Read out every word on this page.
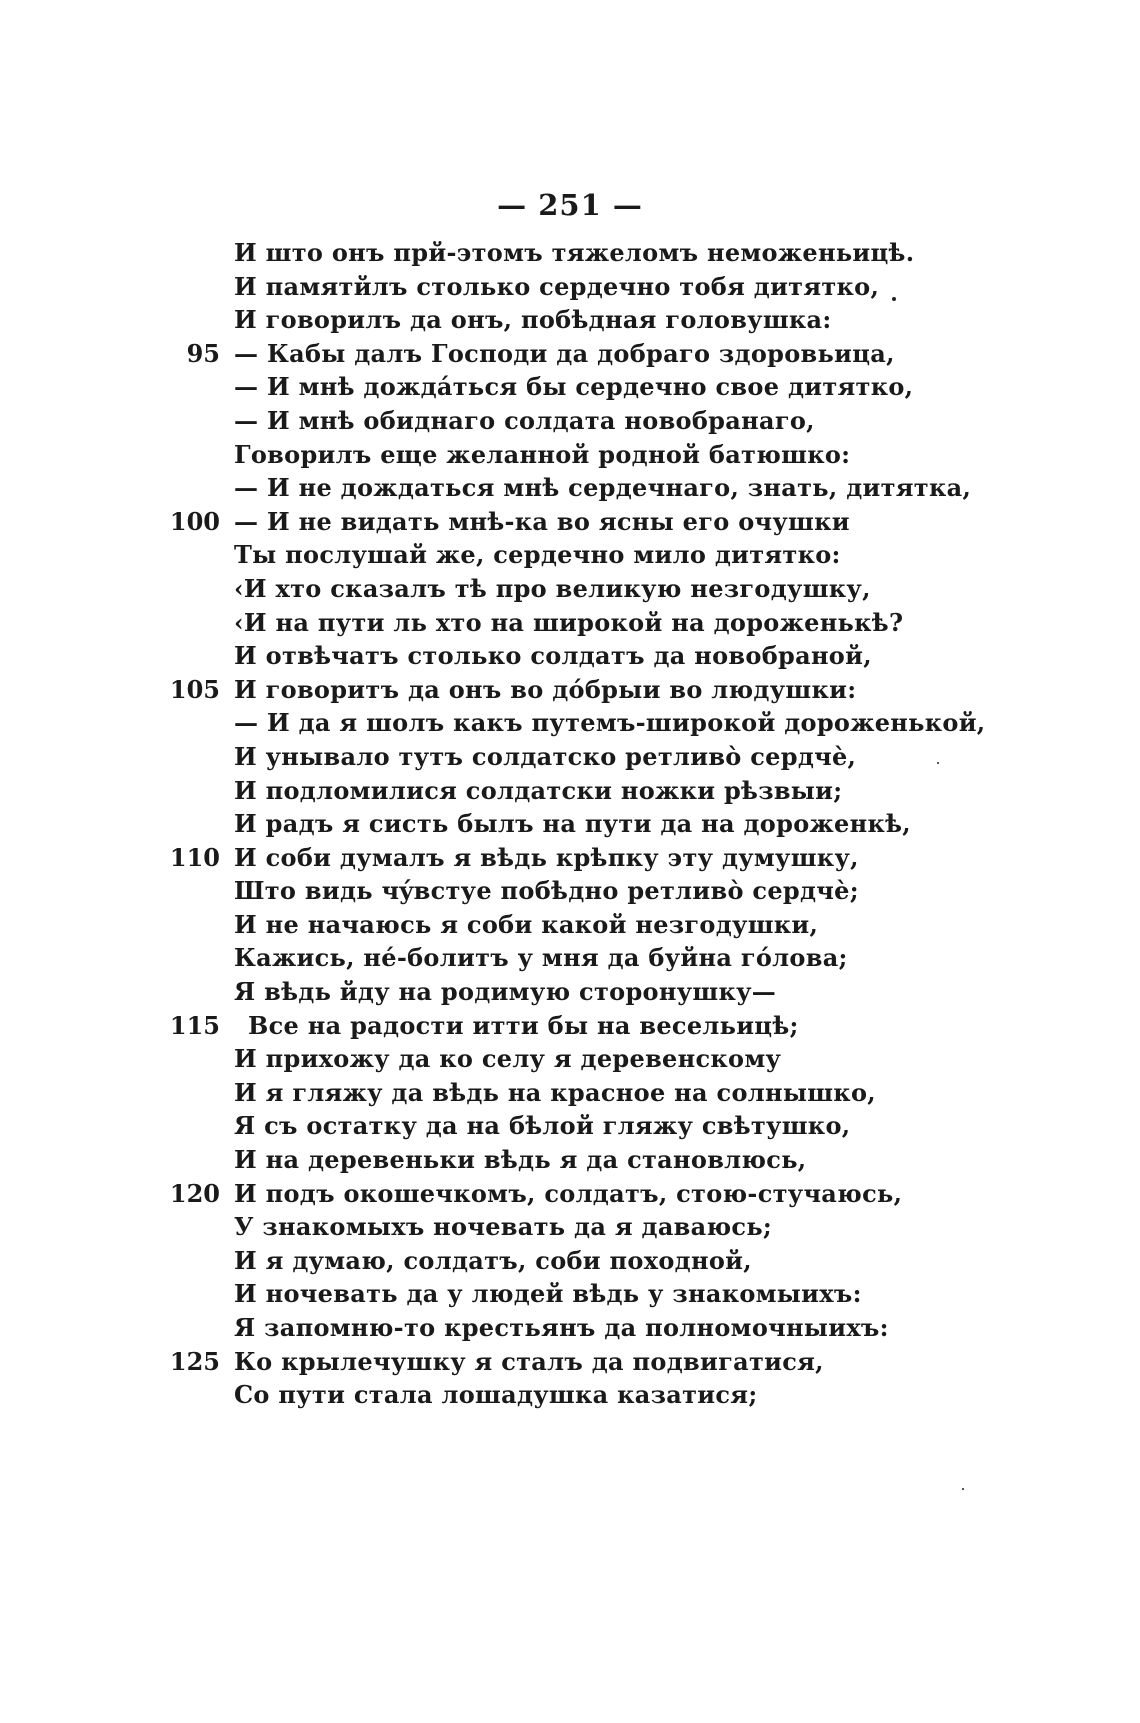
— 251 —
И што онъ прй-этомъ тяжеломъ неможеньицѣ.
И памятйлъ столько сердечно тобя дитятко,
И говорилъ да онъ, побѣдная головушка:
95 — Кабы далъ Господи да добраго здоровьица,
— И мнѣ дождáться бы сердечно свое дитятко,
— И мнѣ обиднаго солдата новобранаго,
Говорилъ еще желанной родной батюшко:
— И не дождаться мнѣ сердечнаго, знать, дитятка,
100 — И не видать мнѣ-ка во ясны его очушки
Ты послушай же, сердечно мило дитятко:
‹И хто сказалъ тѣ про великую незгодушку,
‹И на пути ль хто на широкой на дороженькѣ?
И отвѣчатъ столько солдатъ да новобраной,
105 И говоритъ да онъ во дóбрыи во людушки:
— И да я шолъ какъ путемъ-широкой дороженькой,
И унывало тутъ солдатско ретливо̀ сердчѐ,
И подломилися солдатски ножки рѣзвыи;
И радъ я систь былъ на пути да на дороженкѣ,
110 И соби думалъ я вѣдь крѣпку эту думушку,
Што видь чýвстуе побѣдно ретливо̀ сердчѐ;
И не начаюсь я соби какой незгодушки,
Кажись, нé-болитъ у мня да буйна гóлова;
Я вѣдь йду на родимую сторонушку—
115 Все на радости итти бы на весельицѣ;
И прихожу да ко селу я деревенскому
И я гляжу да вѣдь на красное на солнышко,
Я съ остатку да на бѣлой гляжу свѣтушко,
И на деревеньки вѣдь я да становлюсь,
120 И подъ окошечкомъ, солдатъ, стою-стучаюсь,
У знакомыхъ ночевать да я даваюсь;
И я думаю, солдатъ, соби походной,
И ночевать да у людей вѣдь у знакомыихъ:
Я запомню-то крестьянъ да полномочныихъ:
125 Ко крылечушку я сталъ да подвигатися,
Со пути стала лошадушка казатися;
